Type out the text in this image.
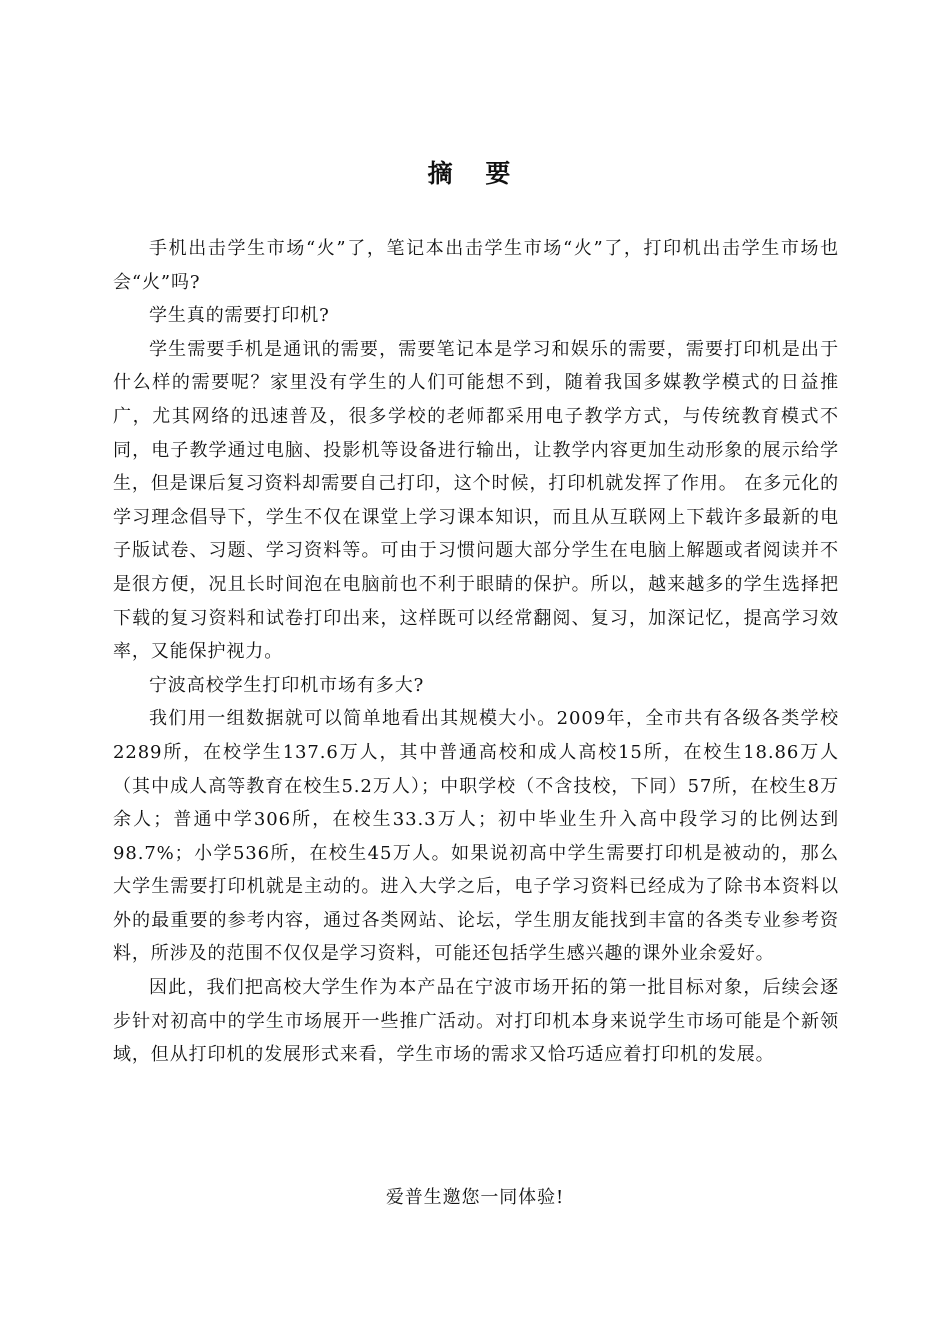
摘 要

手机出击学生市场“火”了，笔记本出击学生市场“火”了，打印机出击学生市场也会“火”吗?

学生真的需要打印机?

学生需要手机是通讯的需要，需要笔记本是学习和娱乐的需要，需要打印机是出于什么样的需要呢？家里没有学生的人们可能想不到，随着我国多媒教学模式的日益推广，尤其网络的迅速普及，很多学校的老师都采用电子教学方式，与传统教育模式不同，电子教学通过电脑、投影机等设备进行输出，让教学内容更加生动形象的展示给学生，但是课后复习资料却需要自己打印，这个时候，打印机就发挥了作用。 在多元化的学习理念倡导下，学生不仅在课堂上学习课本知识，而且从互联网上下载许多最新的电子版试卷、习题、学习资料等。可由于习惯问题大部分学生在电脑上解题或者阅读并不是很方便，况且长时间泡在电脑前也不利于眼睛的保护。所以，越来越多的学生选择把下载的复习资料和试卷打印出来，这样既可以经常翻阅、复习，加深记忆，提高学习效率，又能保护视力。

宁波高校学生打印机市场有多大?

我们用一组数据就可以简单地看出其规模大小。2009年，全市共有各级各类学校2289所，在校学生137.6万人，其中普通高校和成人高校15所，在校生18.86万人（其中成人高等教育在校生5.2万人）；中职学校（不含技校，下同）57所，在校生8万余人；普通中学306所，在校生33.3万人；初中毕业生升入高中段学习的比例达到98.7%；小学536所，在校生45万人。如果说初高中学生需要打印机是被动的，那么大学生需要打印机就是主动的。进入大学之后，电子学习资料已经成为了除书本资料以外的最重要的参考内容，通过各类网站、论坛，学生朋友能找到丰富的各类专业参考资料，所涉及的范围不仅仅是学习资料，可能还包括学生感兴趣的课外业余爱好。

因此，我们把高校大学生作为本产品在宁波市场开拓的第一批目标对象，后续会逐步针对初高中的学生市场展开一些推广活动。对打印机本身来说学生市场可能是个新领域，但从打印机的发展形式来看，学生市场的需求又恰巧适应着打印机的发展。

爱普生邀您一同体验!
